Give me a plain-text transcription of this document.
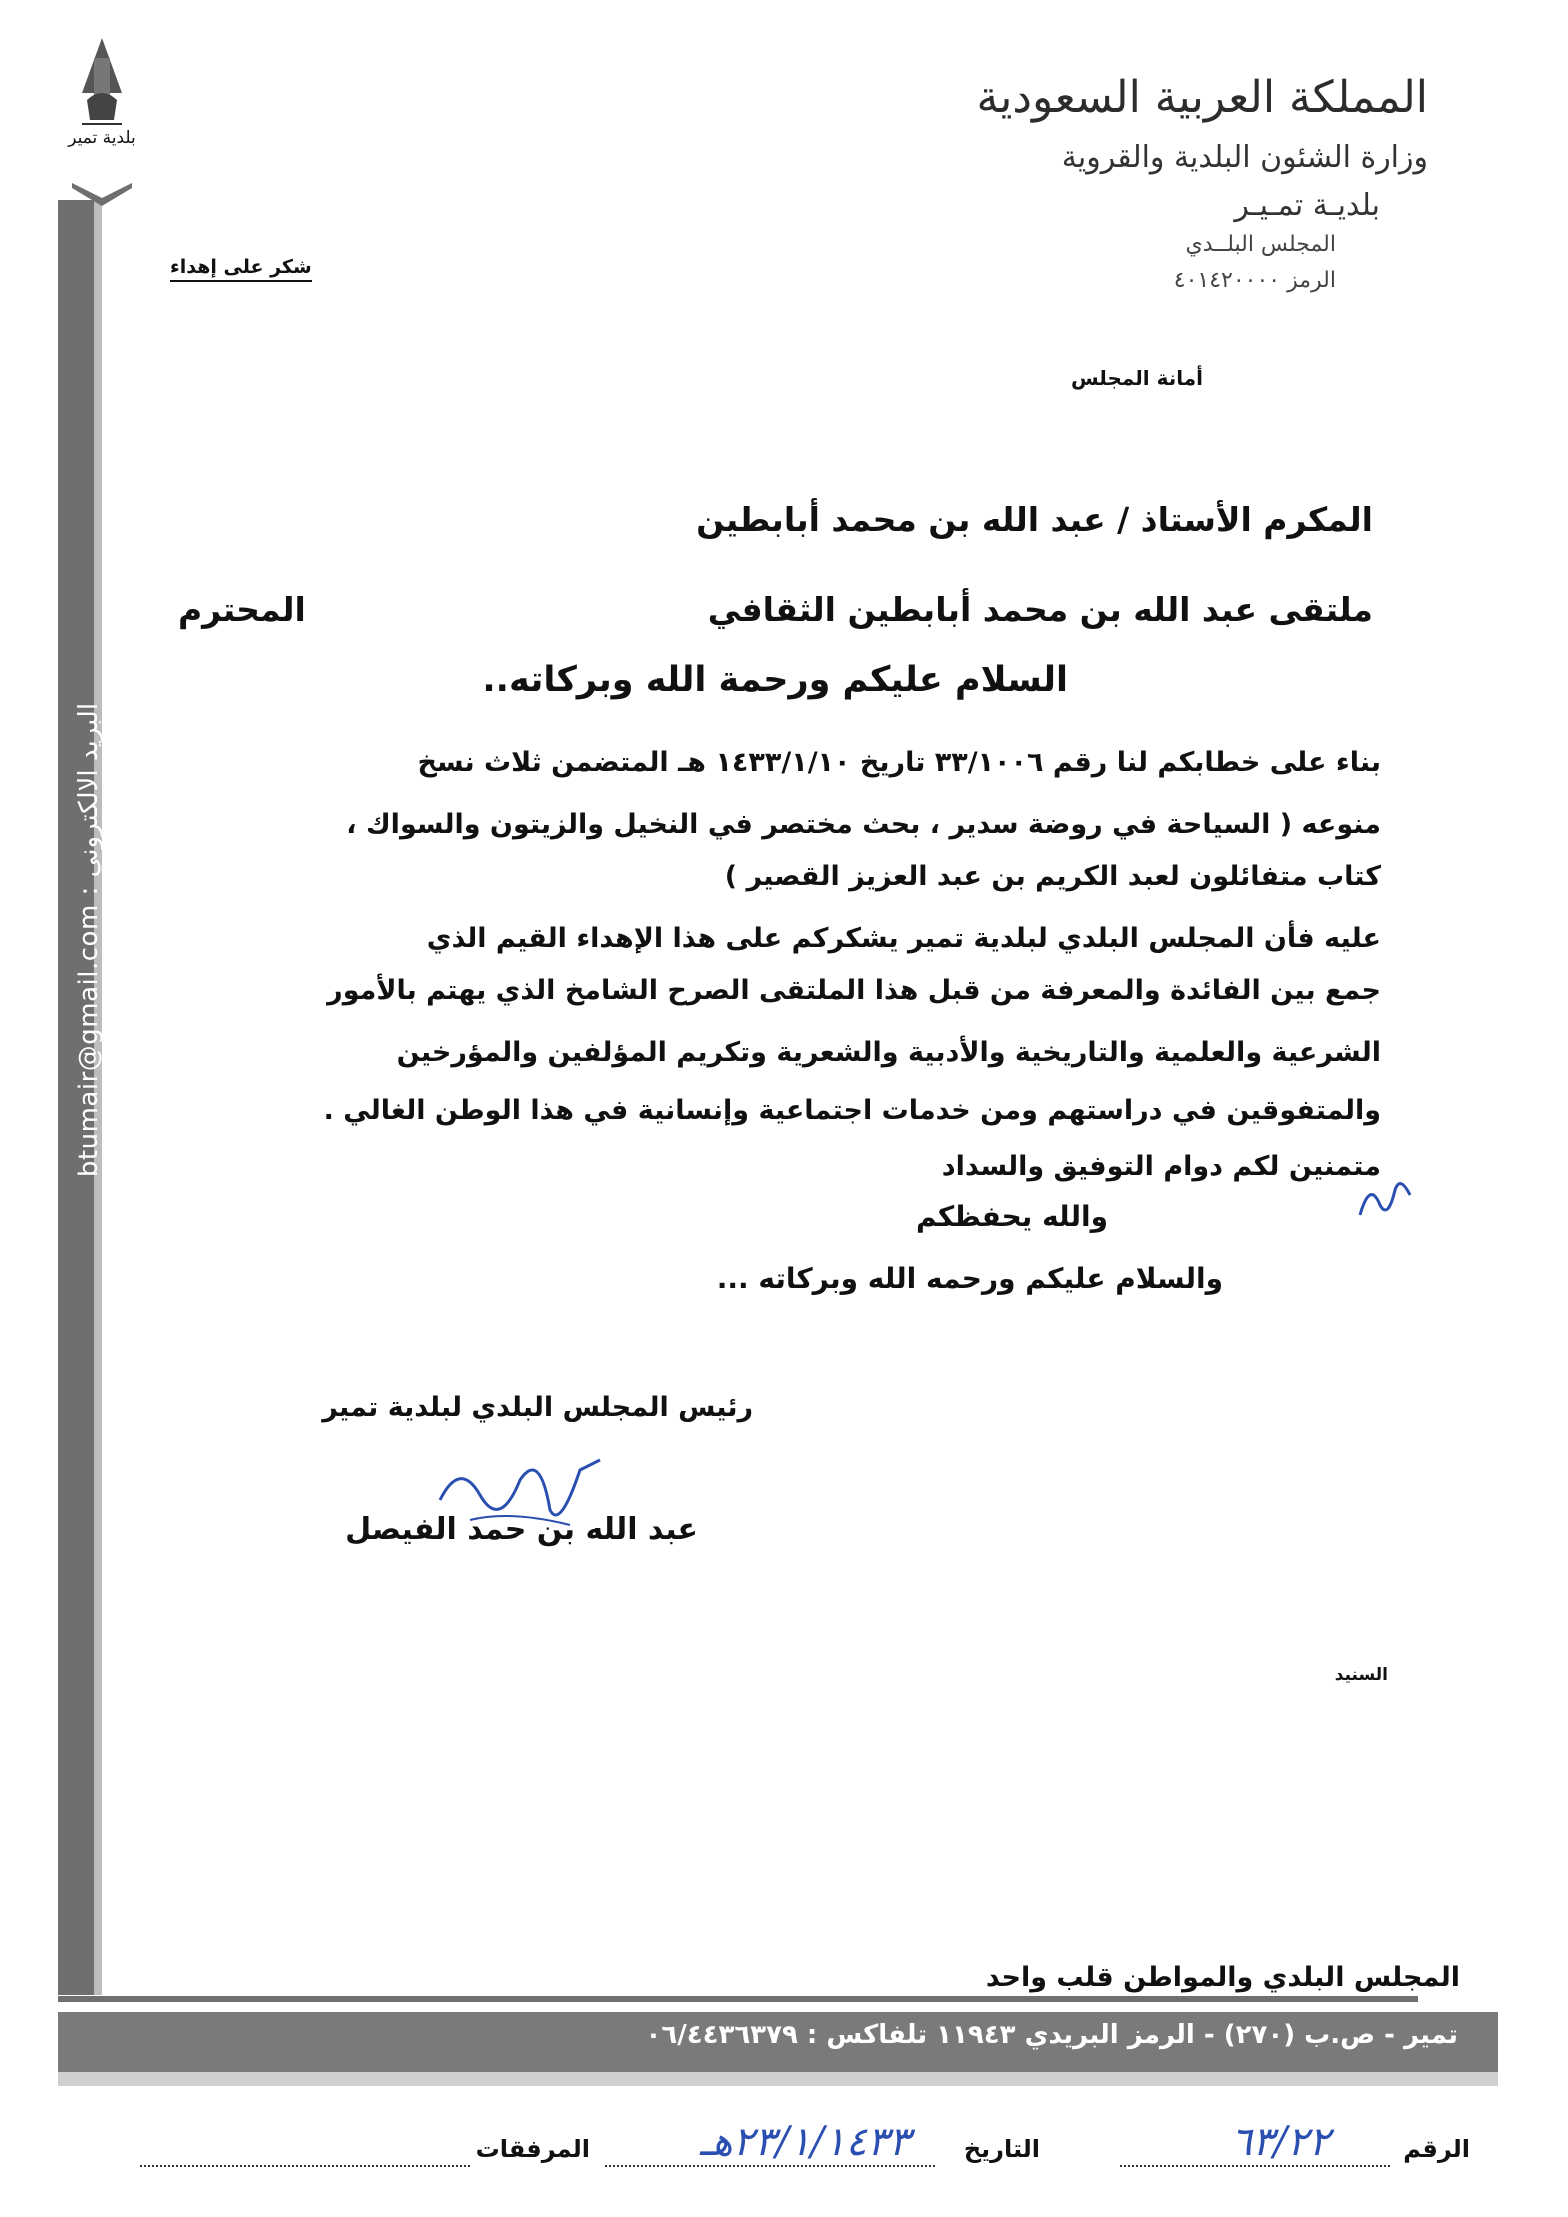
btumair@gmail.com : البريد الالكتروني
بلدية تمير
المملكة العربية السعودية
وزارة الشئون البلدية والقروية
بلديـة تمـيـر
المجلس البلــدي
الرمز ٤٠١٤٢٠٠٠٠
شكر على إهداء
أمانة المجلس
المكرم الأستاذ / عبد الله بن محمد أبابطين
ملتقى عبد الله بن محمد أبابطين الثقافي
المحترم
السلام عليكم ورحمة الله وبركاته..
بناء على خطابكم لنا رقم ٣٣/١٠٠٦ تاريخ ١٤٣٣/١/١٠ هـ المتضمن ثلاث نسخ
منوعه ( السياحة في روضة سدير ، بحث مختصر في النخيل والزيتون والسواك ،
كتاب متفائلون لعبد الكريم بن عبد العزيز القصير )
عليه فأن المجلس البلدي لبلدية تمير يشكركم على هذا الإهداء القيم الذي
جمع بين الفائدة والمعرفة من قبل هذا الملتقى الصرح الشامخ الذي يهتم بالأمور
الشرعية والعلمية والتاريخية والأدبية والشعرية وتكريم المؤلفين والمؤرخين
والمتفوقين في دراستهم ومن خدمات اجتماعية وإنسانية في هذا الوطن الغالي .
متمنين لكم دوام التوفيق والسداد
والله يحفظكم
والسلام عليكم ورحمه الله وبركاته ...
رئيس المجلس البلدي لبلدية تمير
عبد الله بن حمد الفيصل
السنيد
المجلس البلدي والمواطن قلب واحد
تمير - ص.ب (٢٧٠) - الرمز البريدي ١١٩٤٣ تلفاكس : ٠٦/٤٤٣٦٣٧٩
الرقم
٦٣/٢٢
التاريخ
٢٣/١/١٤٣٣هـ
المرفقات
